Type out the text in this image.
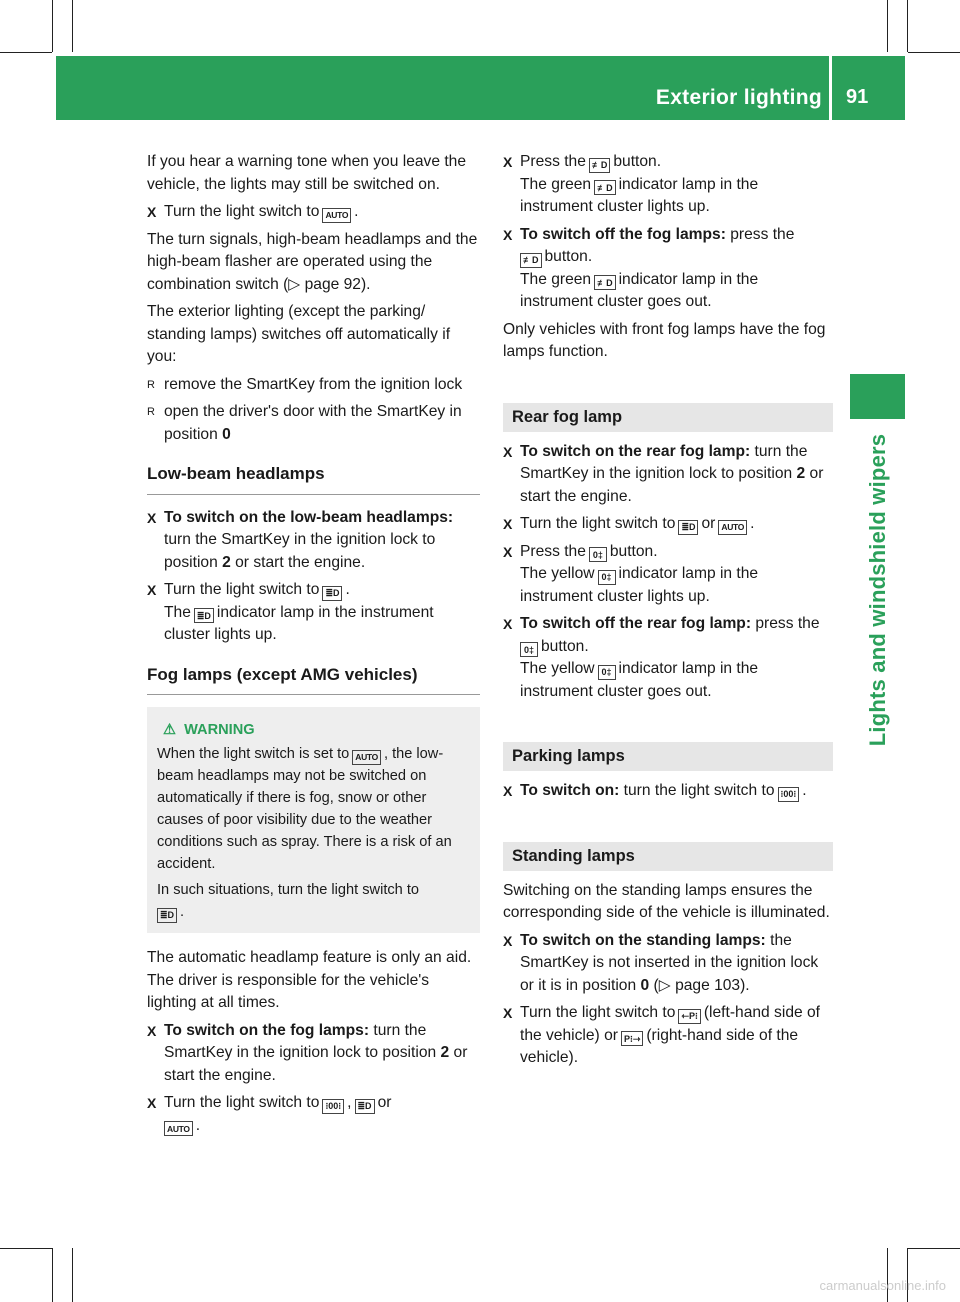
Exterior lighting 91
Lights and windshield wipers

If you hear a warning tone when you leave the vehicle, the lights may still be switched on.

X Turn the light switch to AUTO .

The turn signals, high-beam headlamps and the high-beam flasher are operated using the combination switch (▷ page 92).

The exterior lighting (except the parking/ standing lamps) switches off automatically if you:

R remove the SmartKey from the ignition lock
R open the driver's door with the SmartKey in position 0
Low-beam headlamps
X To switch on the low-beam headlamps: turn the SmartKey in the ignition lock to position 2 or start the engine.
X Turn the light switch to ≣D .
The ≣D indicator lamp in the instrument cluster lights up.
Fog lamps (except AMG vehicles)
⚠ WARNING
When the light switch is set to AUTO , the low-beam headlamps may not be switched on automatically if there is fog, snow or other causes of poor visibility due to the weather conditions such as spray. There is a risk of an accident.
In such situations, turn the light switch to
≣D .

The automatic headlamp feature is only an aid. The driver is responsible for the vehicle's lighting at all times.

X To switch on the fog lamps: turn the SmartKey in the ignition lock to position 2 or start the engine.
X Turn the light switch to ⁝00⁝ , ≣D or
AUTO .
X Press the ≢D button.
The green ≢D indicator lamp in the instrument cluster lights up.
X To switch off the fog lamps: press the
≢D button.
The green ≢D indicator lamp in the instrument cluster goes out.

Only vehicles with front fog lamps have the fog lamps function.

Rear fog lamp
X To switch on the rear fog lamp: turn the SmartKey in the ignition lock to position 2 or start the engine.
X Turn the light switch to ≣D or AUTO .
X Press the 0‡ button.
The yellow 0‡ indicator lamp in the instrument cluster lights up.
X To switch off the rear fog lamp: press the
0‡ button.
The yellow 0‡ indicator lamp in the instrument cluster goes out.
Parking lamps
X To switch on: turn the light switch to ⁝00⁝ .
Standing lamps

Switching on the standing lamps ensures the corresponding side of the vehicle is illuminated.

X To switch on the standing lamps: the SmartKey is not inserted in the ignition lock or it is in position 0 (▷ page 103).
X Turn the light switch to ⇽P⁝ (left-hand side of the vehicle) or P⁝⇾ (right-hand side of the vehicle).
carmanualsonline.info
